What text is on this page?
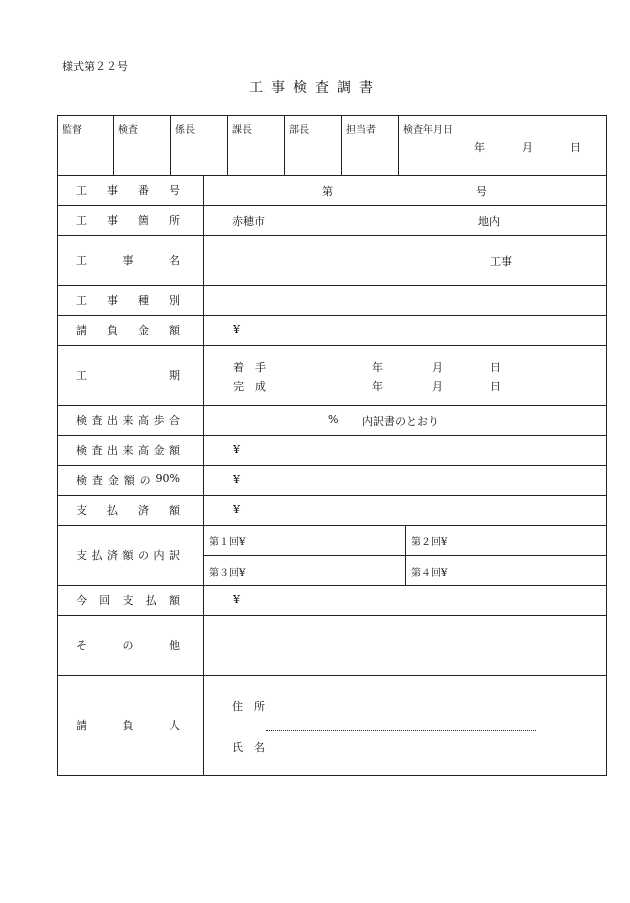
様式第２２号
工事検査調書
監督	検査	係長	課長	部長	担当者	検査年月日
年	月	日
工 事 番 号	第	号
工 事 箇 所	赤穂市	地内
工	事	名	工事
工 事 種 別
請 負 金 額	¥
工	期
着　手	年	月	日
完　成	年	月	日
検 査 出 来 高 歩 合	% 内訳書のとおり
検 査 出 来 高 金 額	¥
検 査 金 額 の 90%	¥
支 払 済 額	¥
支 払 済 額 の 内 訳
第１回¥	第２回¥
第３回¥	第４回¥
今 回 支 払 額	¥
そ	の	他
請	負	人
住　所
氏　名
